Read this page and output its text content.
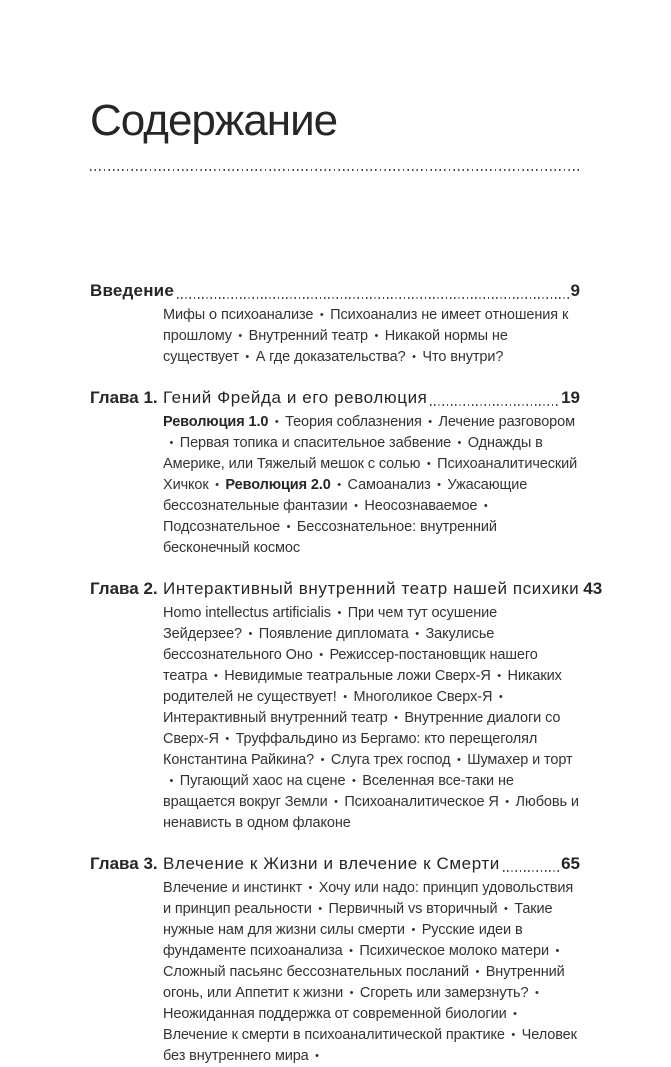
Содержание
Введение	9
Мифы о психоанализе • Психоанализ не имеет отношения к прошлому • Внутренний театр • Никакой нормы не существует • А где доказательства? • Что внутри?
Глава 1. Гений Фрейда и его революция	19
Революция 1.0 • Теория соблазнения • Лечение разговором• Первая топика и спасительное забвение • Однажды в Америке, или Тяжелый мешок с солью • Психоаналитический Хичкок • Революция 2.0 • Самоанализ • Ужасающие бессознательные фантазии • Неосознаваемое •Подсознательное • Бессознательное: внутренний бесконечный космос
Глава 2. Интерактивный внутренний театр нашей психики 43
Homo intellectus artificialis • При чем тут осушение Зейдерзее? • Появление дипломата • Закулисье бессознательного Оно • Режиссер-постановщик нашего театра • Невидимые театральные ложи Сверх-Я • Никаких родителей не существует! • Многоликое Сверх-Я •Интерактивный внутренний театр • Внутренние диалоги со Сверх-Я • Труффальдино из Бергамо: кто перещеголял Константина Райкина? • Слуга трех господ • Шумахер и торт• Пугающий хаос на сцене • Вселенная все-таки не вращается вокруг Земли • Психоаналитическое Я • Любовь и ненависть в одном флаконе
Глава 3. Влечение к Жизни и влечение к Смерти	65
Влечение и инстинкт • Хочу или надо: принцип удовольствия и принцип реальности • Первичный vs вторичный • Такие нужные нам для жизни силы смерти • Русские идеи в фундаменте психоанализа • Психическое молоко матери •Сложный пасьянс бессознательных посланий • Внутренний огонь, или Аппетит к жизни • Сгореть или замерзнуть? •Неожиданная поддержка от современной биологии •Влечение к смерти в психоаналитической практике • Человек без внутреннего мира •
